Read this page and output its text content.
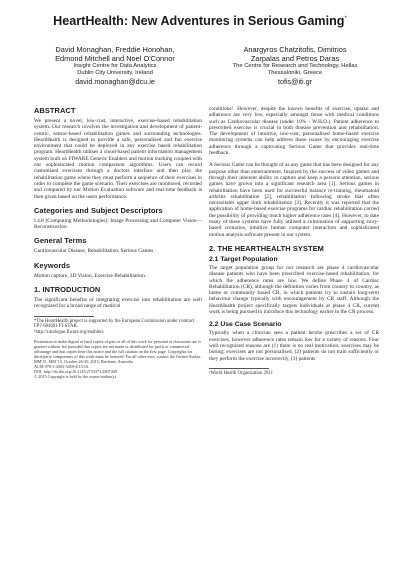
HeartHealth: New Adventures in Serious Gaming*
David Monaghan, Freddie Honohan,
Edmond Mitchell and Noel O'Connor
Insight Centre for Data Analytics
Dublin City University, Ireland
david.monaghan@dcu.ie
Anargyros Chatzitofis, Dimitrios
Zarpalas and Petros Daras
The Centre for Research and Technology, Hellas
Thessaloniki, Greece
tofis@iti.gr
ABSTRACT

We present a novel, low-cost, interactive, exercise-based rehabilitation system. Our research involves the investigation and development of patient-centric, sensor-based rehabilitation games and surrounding technologies. HeartHealth is designed to provide a safe, personalised and fun exercise environment that could be deployed in any exercise based rehabilitation program. HeartHealth utilises a cloud-based patient information management system built on FIWARE Generic Enablers and motion tracking coupled with our sophisticated motion comparison algorithms. Users can record customised exercises through a doctors interface and then play the rehabilitation game where they must perform a sequence of their exercises in order to complete the game scenario. Their exercises are monitored, recorded and compared by our Motion Evaluation software and real-time feedback is then given based on the users performance.

Categories and Subject Descriptors

I.4.8 [Computing Methodologies]: Image Processing and Computer Vision—Reconstruction

General Terms

Cardiovascular Disease, Rehabilitation, Serious Games

Keywords

Motion capture, 3D Vision, Exercise Rehabilitation.

1. INTRODUCTION

The significant benefits of integrating exercise into rehabilitation are well recognized for a broad range of medical

*The HeartHealth project is supported by the European Commission under contract FP7-604691 FI-STAR.

¹http://catalogue.fiware.org/enablers

Permission to make digital or hard copies of part or all of this work for personal or classroom use is granted without fee provided that copies are not made or distributed for profit or commercial advantage and that copies bear this notice and the full citation on the first page. Copyrights for third-party components of this work must be honored. For all other uses, contact the Owner/Author.

MM'15, MM '15, October 26-30, 2015, Brisbane, Australia

ACM 978-1-4503-3459-4/15/10.

DOI: http://dx.doi.org/10.1145/2733373.2807409

© 2015 Copyright is held by the owner/author(s).

conditions². However, despite the known benefits of exercise, uptake and adherence are very low, especially amongst those with medical conditions such as Cardiovascular disease (under 10% - W.H.O.). Patient adherence to prescribed exercise is crucial in both disease prevention and rehabilitation. The development of intuitive, low-cost, personalised home-based exercise monitoring systems can help address these issues by encouraging exercise adherence through a captivating Serious Game that provides real-time feedback.

A Serious Game can be thought of as any game that has been designed for any purpose other than entertainment. Inspired by the success of video games and through their inherent ability to capture and keep a persons attention, serious games have grown into a significant research area [1]. Serious games in rehabilitation have been used for successful balance re-training, rheumatoid arthritis rehabilitation [2], rehabilitation following stroke that often necessitates upper limb rehabilitation [3]. Recently it was reported that the application of home-based exercise programs for cardiac rehabilitation carried the possibility of providing much higher adherence rates [4]. However, to date many of these systems have fully utilised a culmination of supporting story-based scenarios, intuitive human computer interaction and sophisticated motion analysis software present in our system.

2. THE HEARTHEALTH SYSTEM
2.1 Target Population

The target population group for our research are phase 4 cardiovascular disease patients who have been prescribed exercise-based rehabilitation, for which the adherence rates are low. We define Phase 4 of Cardiac Rehabilitation (CR), although the definition varies from country to country, as home or community based CR, in which patients try to sustain long-term behaviour change typically with encouragement by CR staff. Although the HeartHealth project specifically targets individuals at phase 4 CR, current work is being pursued to introduce this technology earlier in the CR process.

2.2 Use Case Scenario

Typically when a clinician sees a patient he/she prescribes a set of CR exercises, however adherence rates remain low for a variety of reasons. Four well recognized reasons are (1) there is no real motivation; exercises may be boring; exercises are not personalised, (2) patients do not train sufficiently or they perform the exercise incorrectly, (3) patients

²World Health Organization 2011
